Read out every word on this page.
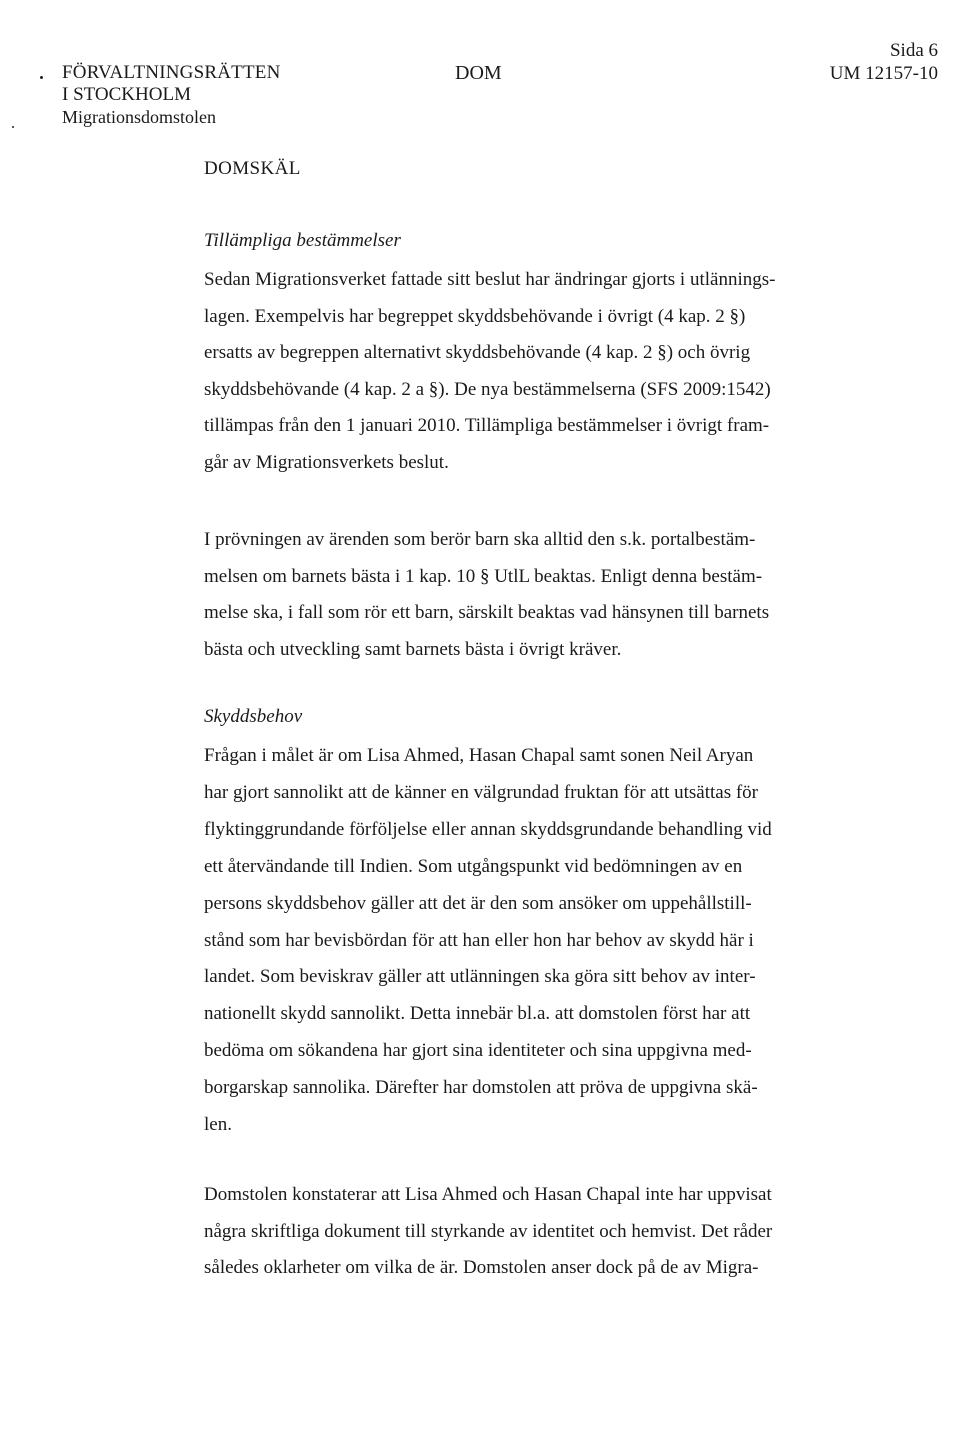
FÖRVALTNINGSRÄTTEN
I STOCKHOLM
Migrationsdomstolen
DOM
Sida 6
UM 12157-10
DOMSKÄL
Tillämpliga bestämmelser
Sedan Migrationsverket fattade sitt beslut har ändringar gjorts i utlännings-
lagen. Exempelvis har begreppet skyddsbehövande i övrigt (4 kap. 2 §)
ersatts av begreppen alternativt skyddsbehövande (4 kap. 2 §) och övrig
skyddsbehövande (4 kap. 2 a §). De nya bestämmelserna (SFS 2009:1542)
tillämpas från den 1 januari 2010. Tillämpliga bestämmelser i övrigt fram-
går av Migrationsverkets beslut.
I prövningen av ärenden som berör barn ska alltid den s.k. portalbestäm-
melsen om barnets bästa i 1 kap. 10 § UtlL beaktas. Enligt denna bestäm-
melse ska, i fall som rör ett barn, särskilt beaktas vad hänsynen till barnets
bästa och utveckling samt barnets bästa i övrigt kräver.
Skyddsbehov
Frågan i målet är om Lisa Ahmed, Hasan Chapal samt sonen Neil Aryan
har gjort sannolikt att de känner en välgrundad fruktan för att utsättas för
flyktinggrundande förföljelse eller annan skyddsgrundande behandling vid
ett återvändande till Indien. Som utgångspunkt vid bedömningen av en
persons skyddsbehov gäller att det är den som ansöker om uppehållstill-
stånd som har bevisbördan för att han eller hon har behov av skydd här i
landet. Som beviskrav gäller att utlänningen ska göra sitt behov av inter-
nationellt skydd sannolikt. Detta innebär bl.a. att domstolen först har att
bedöma om sökandena har gjort sina identiteter och sina uppgivna med-
borgarskap sannolika. Därefter har domstolen att pröva de uppgivna skä-
len.
Domstolen konstaterar att Lisa Ahmed och Hasan Chapal inte har uppvisat
några skriftliga dokument till styrkande av identitet och hemvist. Det råder
således oklarheter om vilka de är. Domstolen anser dock på de av Migra-
